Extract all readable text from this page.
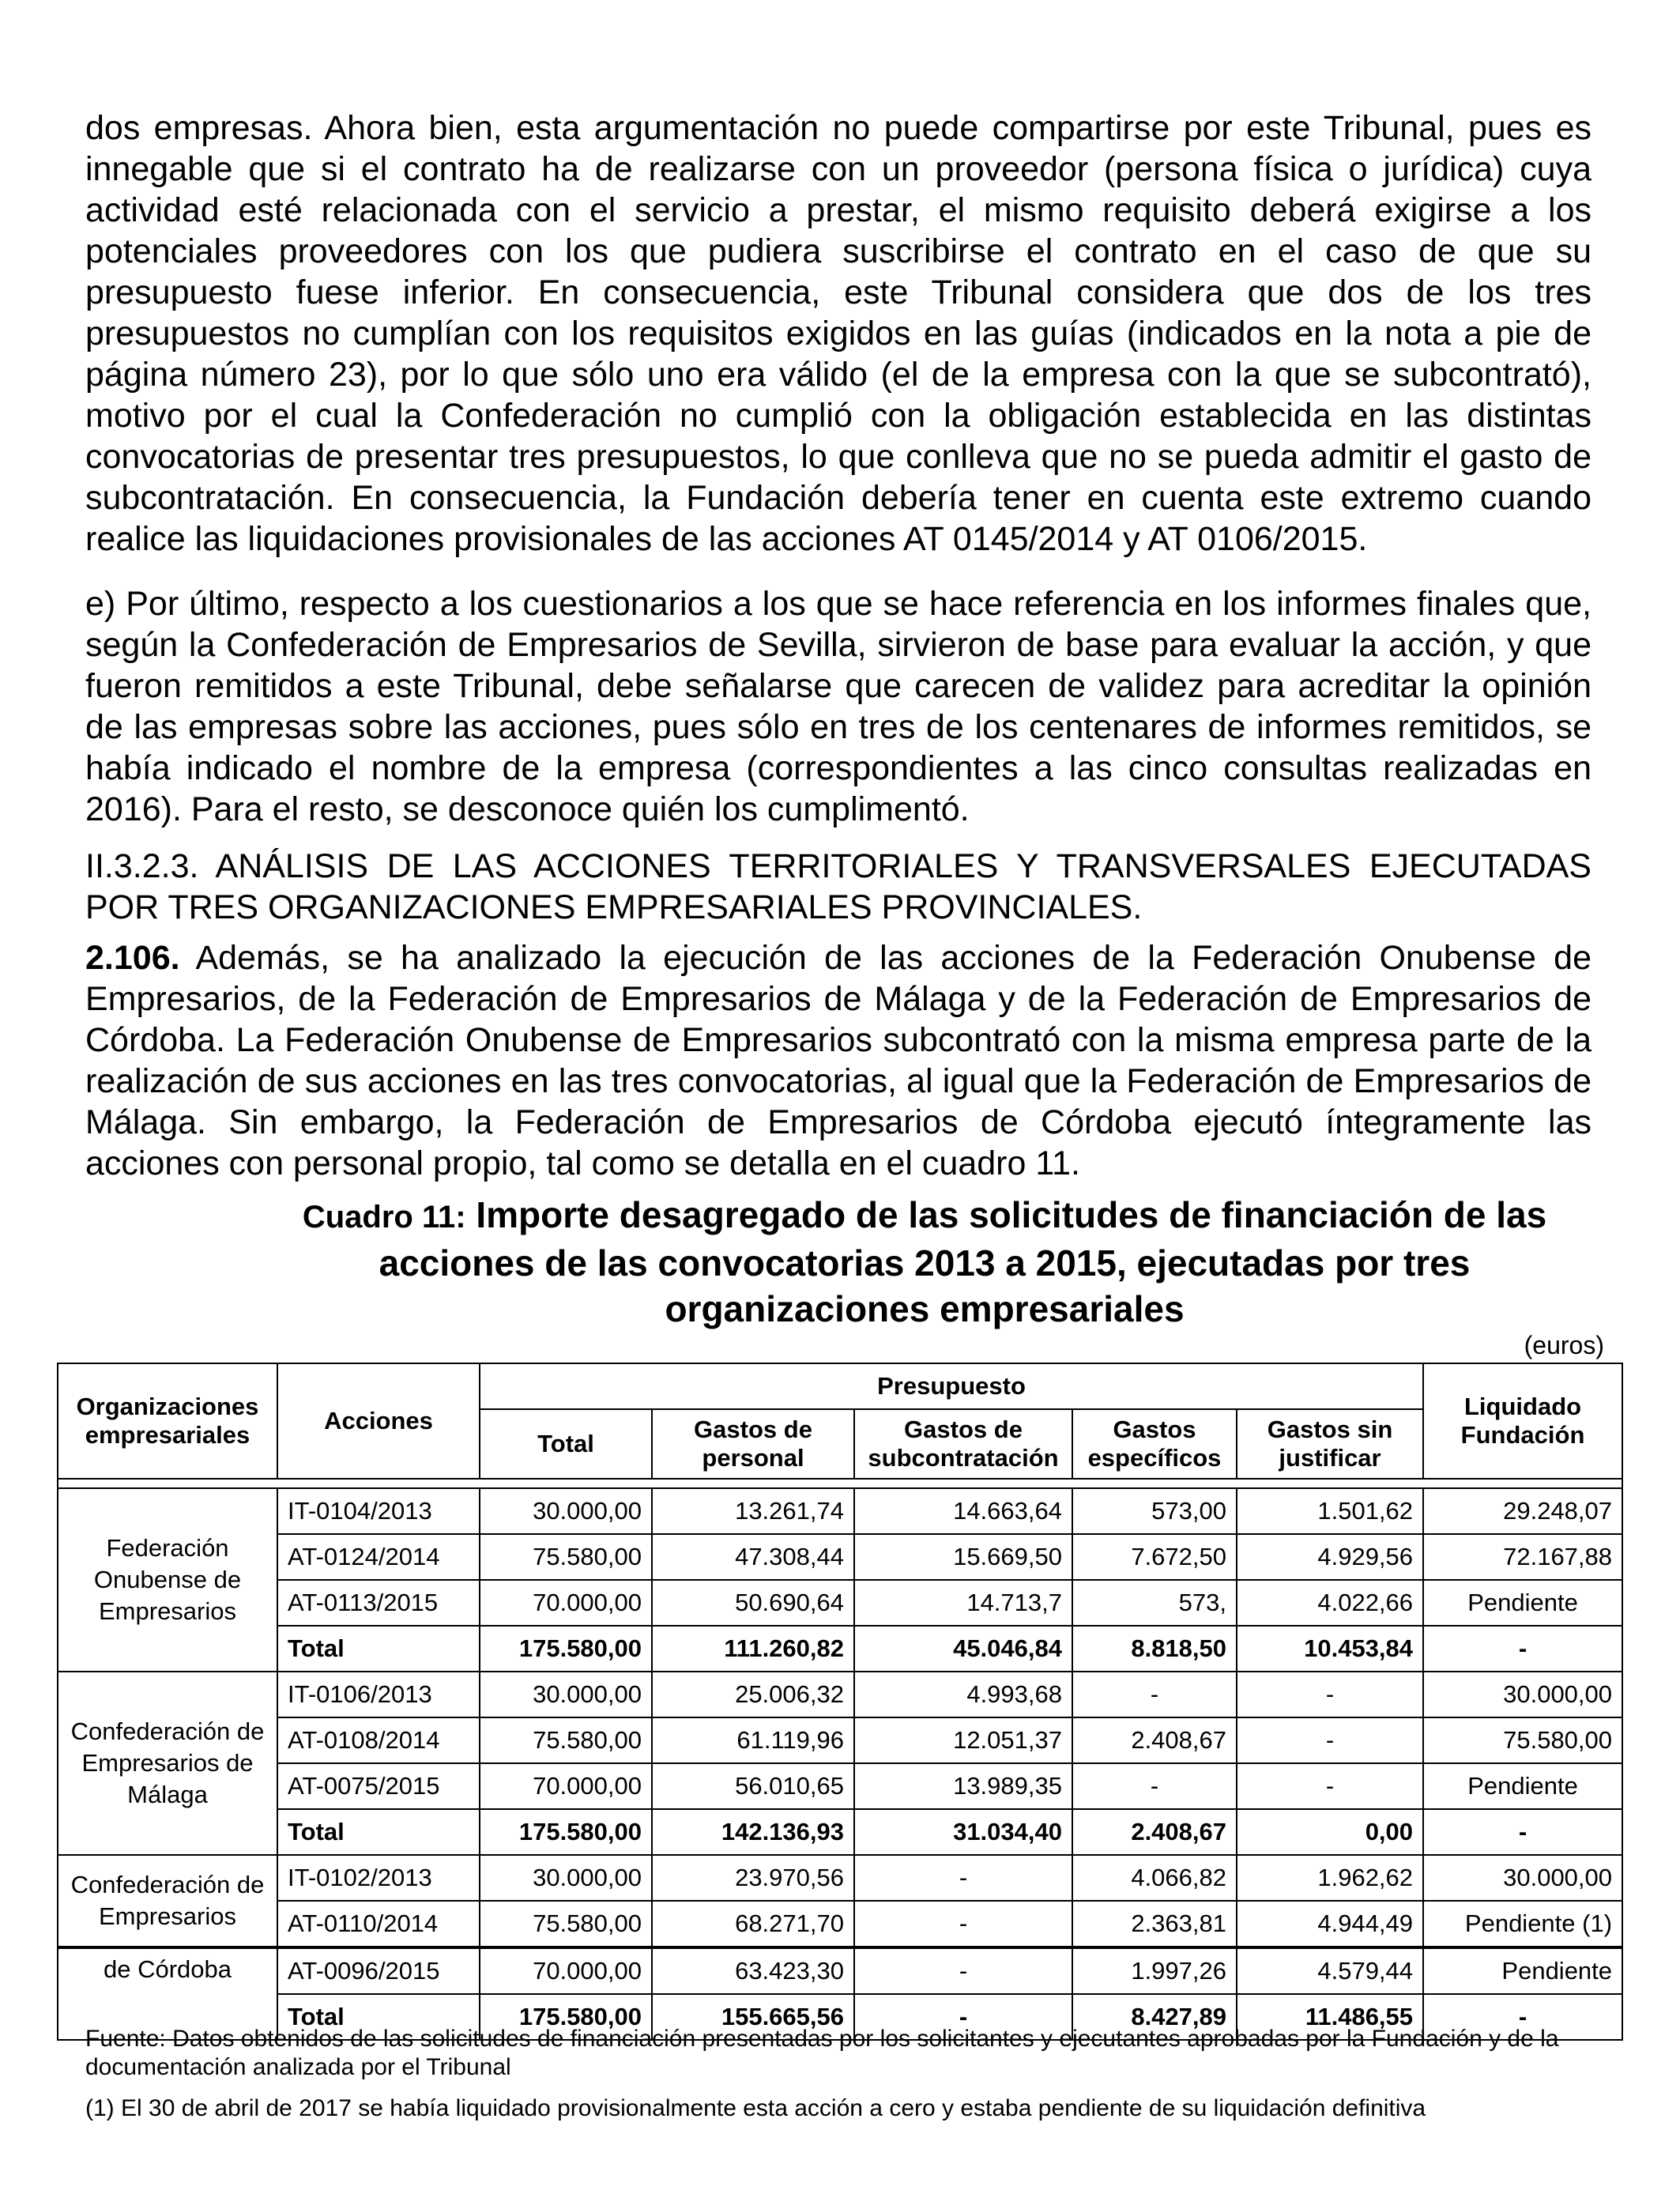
dos empresas. Ahora bien, esta argumentación no puede compartirse por este Tribunal, pues es innegable que si el contrato ha de realizarse con un proveedor (persona física o jurídica) cuya actividad esté relacionada con el servicio a prestar, el mismo requisito deberá exigirse a los potenciales proveedores con los que pudiera suscribirse el contrato en el caso de que su presupuesto fuese inferior. En consecuencia, este Tribunal considera que dos de los tres presupuestos no cumplían con los requisitos exigidos en las guías (indicados en la nota a pie de página número 23), por lo que sólo uno era válido (el de la empresa con la que se subcontrató), motivo por el cual la Confederación no cumplió con la obligación establecida en las distintas convocatorias de presentar tres presupuestos, lo que conlleva que no se pueda admitir el gasto de subcontratación. En consecuencia, la Fundación debería tener en cuenta este extremo cuando realice las liquidaciones provisionales de las acciones AT 0145/2014 y AT 0106/2015.

e) Por último, respecto a los cuestionarios a los que se hace referencia en los informes finales que, según la Confederación de Empresarios de Sevilla, sirvieron de base para evaluar la acción, y que fueron remitidos a este Tribunal, debe señalarse que carecen de validez para acreditar la opinión de las empresas sobre las acciones, pues sólo en tres de los centenares de informes remitidos, se había indicado el nombre de la empresa (correspondientes a las cinco consultas realizadas en 2016). Para el resto, se desconoce quién los cumplimentó.

II.3.2.3. ANÁLISIS DE LAS ACCIONES TERRITORIALES Y TRANSVERSALES EJECUTADAS POR TRES ORGANIZACIONES EMPRESARIALES PROVINCIALES.

2.106. Además, se ha analizado la ejecución de las acciones de la Federación Onubense de Empresarios, de la Federación de Empresarios de Málaga y de la Federación de Empresarios de Córdoba. La Federación Onubense de Empresarios subcontrató con la misma empresa parte de la realización de sus acciones en las tres convocatorias, al igual que la Federación de Empresarios de Málaga. Sin embargo, la Federación de Empresarios de Córdoba ejecutó íntegramente las acciones con personal propio, tal como se detalla en el cuadro 11.

Cuadro 11: Importe desagregado de las solicitudes de financiación de las acciones de las convocatorias 2013 a 2015, ejecutadas por tres organizaciones empresariales

(euros)

Organizaciones empresariales	Acciones	Presupuesto					Liquidado Fundación
		Total	Gastos de personal	Gastos de subcontratación	Gastos específicos	Gastos sin justificar	

Federación Onubense de Empresarios	IT-0104/2013	30.000,00	13.261,74	14.663,64	573,00	1.501,62	29.248,07
	AT-0124/2014	75.580,00	47.308,44	15.669,50	7.672,50	4.929,56	72.167,88
	AT-0113/2015	70.000,00	50.690,64	14.713,7	573,	4.022,66	Pendiente
	Total	175.580,00	111.260,82	45.046,84	8.818,50	10.453,84	-
Confederación de Empresarios de Málaga	IT-0106/2013	30.000,00	25.006,32	4.993,68	-	-	30.000,00
	AT-0108/2014	75.580,00	61.119,96	12.051,37	2.408,67	-	75.580,00
	AT-0075/2015	70.000,00	56.010,65	13.989,35	-	-	Pendiente
	Total	175.580,00	142.136,93	31.034,40	2.408,67	0,00	-
Confederación de Empresarios	IT-0102/2013	30.000,00	23.970,56	-	4.066,82	1.962,62	30.000,00
	AT-0110/2014	75.580,00	68.271,70	-	2.363,81	4.944,49	Pendiente (1)
de Córdoba	AT-0096/2015	70.000,00	63.423,30	-	1.997,26	4.579,44	Pendiente
	Total	175.580,00	155.665,56	-	8.427,89	11.486,55	-

Fuente: Datos obtenidos de las solicitudes de financiación presentadas por los solicitantes y ejecutantes aprobadas por la Fundación y de la documentación analizada por el Tribunal

(1) El 30 de abril de 2017 se había liquidado provisionalmente esta acción a cero y estaba pendiente de su liquidación definitiva
